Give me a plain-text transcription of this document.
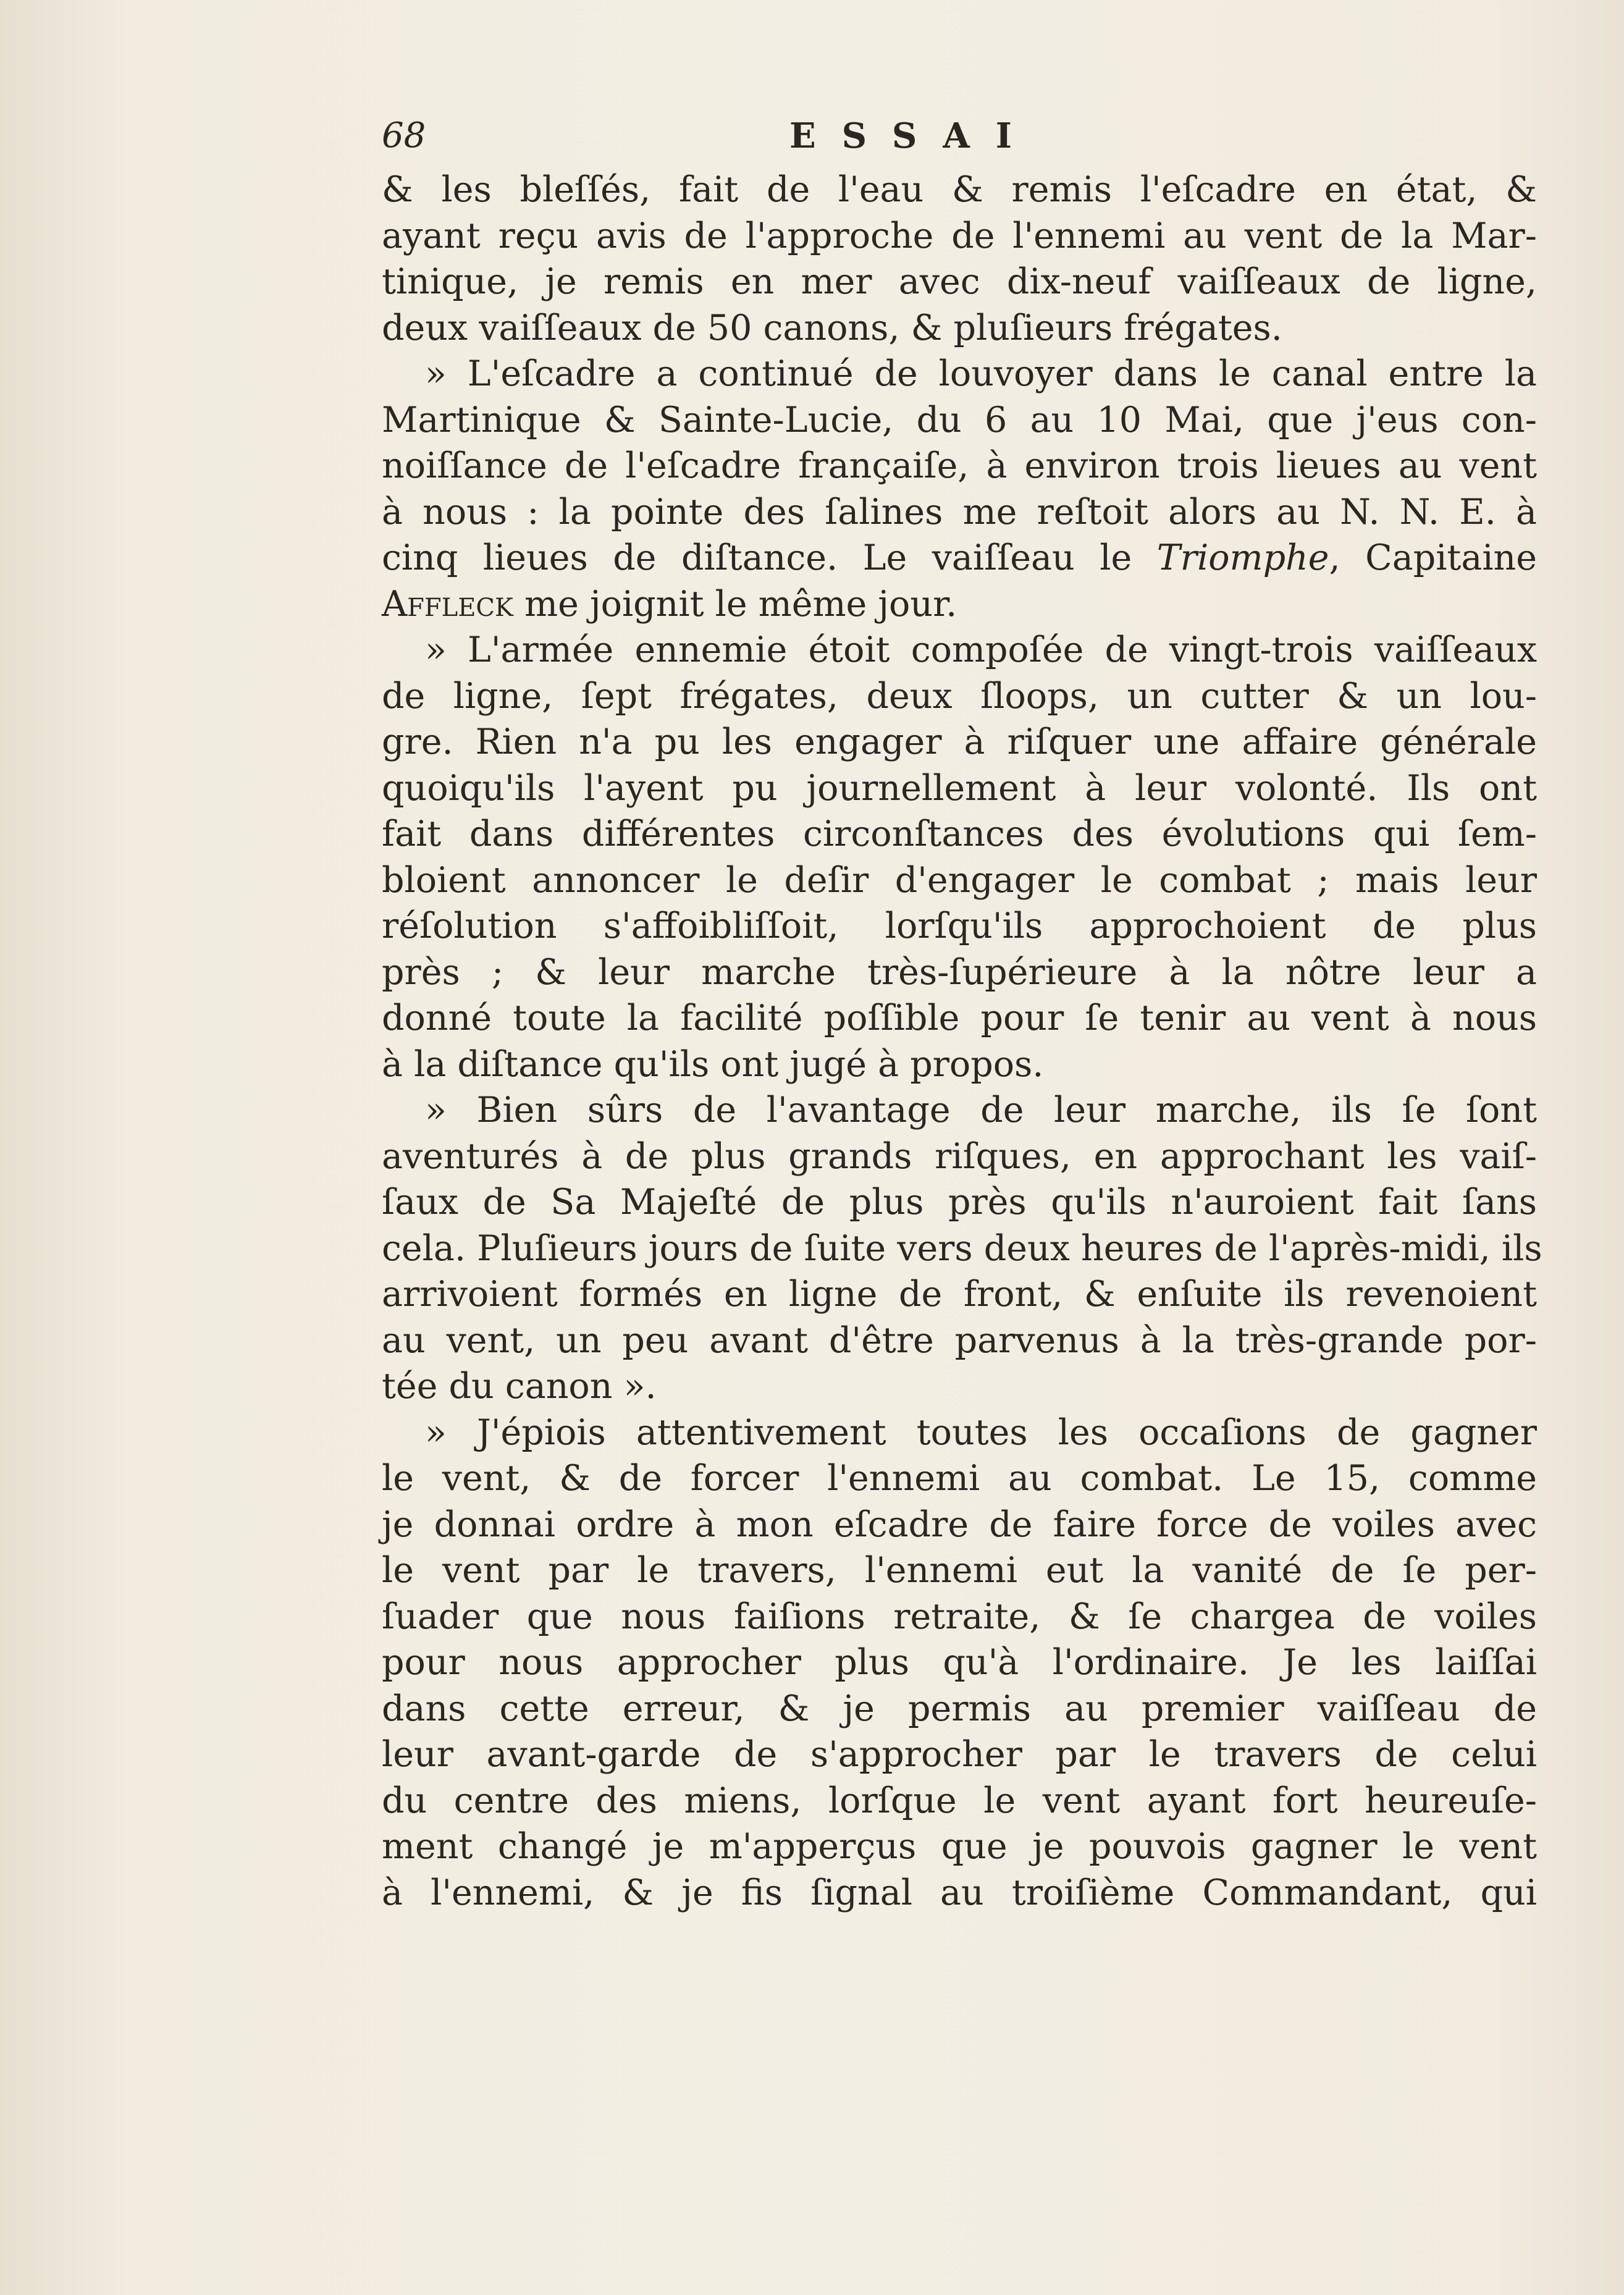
68	ESSAI
& les bleſſés, fait de l'eau & remis l'eſcadre en état, &
ayant reçu avis de l'approche de l'ennemi au vent de la Mar-
tinique, je remis en mer avec dix-neuf vaiſſeaux de ligne,
deux vaiſſeaux de 50 canons, & pluſieurs frégates.
» L'eſcadre a continué de louvoyer dans le canal entre la
Martinique & Sainte-Lucie, du 6 au 10 Mai, que j'eus con-
noiſſance de l'eſcadre françaiſe, à environ trois lieues au vent
à nous : la pointe des ſalines me reſtoit alors au N. N. E. à
cinq lieues de diſtance. Le vaiſſeau le Triomphe, Capitaine
Affleck me joignit le même jour.
» L'armée ennemie étoit compoſée de vingt-trois vaiſſeaux
de ligne, ſept frégates, deux ſloops, un cutter & un lou-
gre. Rien n'a pu les engager à riſquer une affaire générale
quoiqu'ils l'ayent pu journellement à leur volonté. Ils ont
fait dans différentes circonſtances des évolutions qui ſem-
bloient annoncer le deſir d'engager le combat ; mais leur
réſolution s'affoibliſſoit, lorſqu'ils approchoient de plus
près ; & leur marche très-ſupérieure à la nôtre leur a
donné toute la facilité poſſible pour ſe tenir au vent à nous
à la diſtance qu'ils ont jugé à propos.
» Bien sûrs de l'avantage de leur marche, ils ſe ſont
aventurés à de plus grands riſques, en approchant les vaiſ-
ſaux de Sa Majeſté de plus près qu'ils n'auroient fait ſans
cela. Pluſieurs jours de ſuite vers deux heures de l'après-midi, ils
arrivoient formés en ligne de front, & enſuite ils revenoient
au vent, un peu avant d'être parvenus à la très-grande por-
tée du canon ».
» J'épiois attentivement toutes les occaſions de gagner
le vent, & de forcer l'ennemi au combat. Le 15, comme
je donnai ordre à mon eſcadre de faire force de voiles avec
le vent par le travers, l'ennemi eut la vanité de ſe per-
ſuader que nous faiſions retraite, & ſe chargea de voiles
pour nous approcher plus qu'à l'ordinaire. Je les laiſſai
dans cette erreur, & je permis au premier vaiſſeau de
leur avant-garde de s'approcher par le travers de celui
du centre des miens, lorſque le vent ayant fort heureuſe-
ment changé je m'apperçus que je pouvois gagner le vent
à l'ennemi, & je fis ſignal au troiſième Commandant, qui
